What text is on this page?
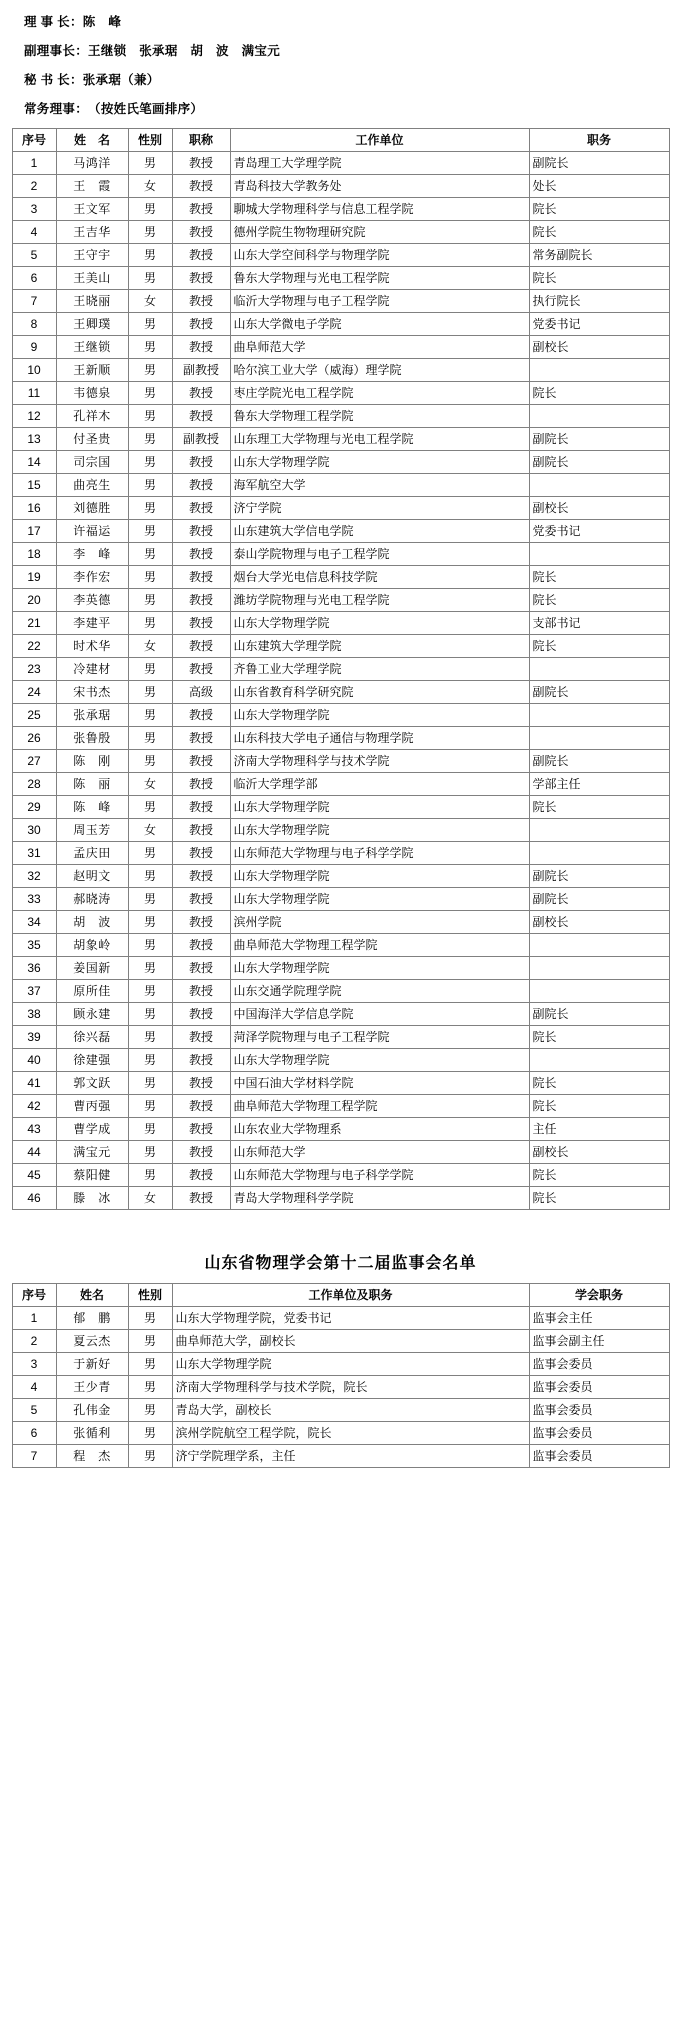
理 事 长：陈　峰
副理事长：王继锁　张承琚　胡　波　满宝元
秘 书 长：张承琚（兼）
常务理事：（按姓氏笔画排序）
序号	姓　名	性别	职称	工作单位	职务
1	马鸿洋	男	教授	青岛理工大学理学院	副院长
2	王　霞	女	教授	青岛科技大学教务处	处长
3	王文军	男	教授	聊城大学物理科学与信息工程学院	院长
4	王吉华	男	教授	德州学院生物物理研究院	院长
5	王守宇	男	教授	山东大学空间科学与物理学院	常务副院长
6	王美山	男	教授	鲁东大学物理与光电工程学院	院长
7	王晓丽	女	教授	临沂大学物理与电子工程学院	执行院长
8	王卿璞	男	教授	山东大学微电子学院	党委书记
9	王继锁	男	教授	曲阜师范大学	副校长
10	王新顺	男	副教授	哈尔滨工业大学（威海）理学院	
11	韦德泉	男	教授	枣庄学院光电工程学院	院长
12	孔祥木	男	教授	鲁东大学物理工程学院	
13	付圣贵	男	副教授	山东理工大学物理与光电工程学院	副院长
14	司宗国	男	教授	山东大学物理学院	副院长
15	曲亮生	男	教授	海军航空大学	
16	刘德胜	男	教授	济宁学院	副校长
17	许福运	男	教授	山东建筑大学信电学院	党委书记
18	李　峰	男	教授	泰山学院物理与电子工程学院	
19	李作宏	男	教授	烟台大学光电信息科技学院	院长
20	李英德	男	教授	潍坊学院物理与光电工程学院	院长
21	李建平	男	教授	山东大学物理学院	支部书记
22	时术华	女	教授	山东建筑大学理学院	院长
23	冷建材	男	教授	齐鲁工业大学理学院	
24	宋书杰	男	高级	山东省教育科学研究院	副院长
25	张承琚	男	教授	山东大学物理学院	
26	张鲁殷	男	教授	山东科技大学电子通信与物理学院	
27	陈　刚	男	教授	济南大学物理科学与技术学院	副院长
28	陈　丽	女	教授	临沂大学理学部	学部主任
29	陈　峰	男	教授	山东大学物理学院	院长
30	周玉芳	女	教授	山东大学物理学院	
31	孟庆田	男	教授	山东师范大学物理与电子科学学院	
32	赵明文	男	教授	山东大学物理学院	副院长
33	郝晓涛	男	教授	山东大学物理学院	副院长
34	胡　波	男	教授	滨州学院	副校长
35	胡象岭	男	教授	曲阜师范大学物理工程学院	
36	姜国新	男	教授	山东大学物理学院	
37	原所佳	男	教授	山东交通学院理学院	
38	顾永建	男	教授	中国海洋大学信息学院	副院长
39	徐兴磊	男	教授	菏泽学院物理与电子工程学院	院长
40	徐建强	男	教授	山东大学物理学院	
41	郭文跃	男	教授	中国石油大学材料学院	院长
42	曹丙强	男	教授	曲阜师范大学物理工程学院	院长
43	曹学成	男	教授	山东农业大学物理系	主任
44	满宝元	男	教授	山东师范大学	副校长
45	蔡阳健	男	教授	山东师范大学物理与电子科学学院	院长
46	滕　冰	女	教授	青岛大学物理科学学院	院长
山东省物理学会第十二届监事会名单
序号	姓名	性别	工作单位及职务	学会职务
1	郁　鹏	男	山东大学物理学院，党委书记	监事会主任
2	夏云杰	男	曲阜师范大学，副校长	监事会副主任
3	于新好	男	山东大学物理学院	监事会委员
4	王少青	男	济南大学物理科学与技术学院，院长	监事会委员
5	孔伟金	男	青岛大学，副校长	监事会委员
6	张循利	男	滨州学院航空工程学院，院长	监事会委员
7	程　杰	男	济宁学院理学系，主任	监事会委员
